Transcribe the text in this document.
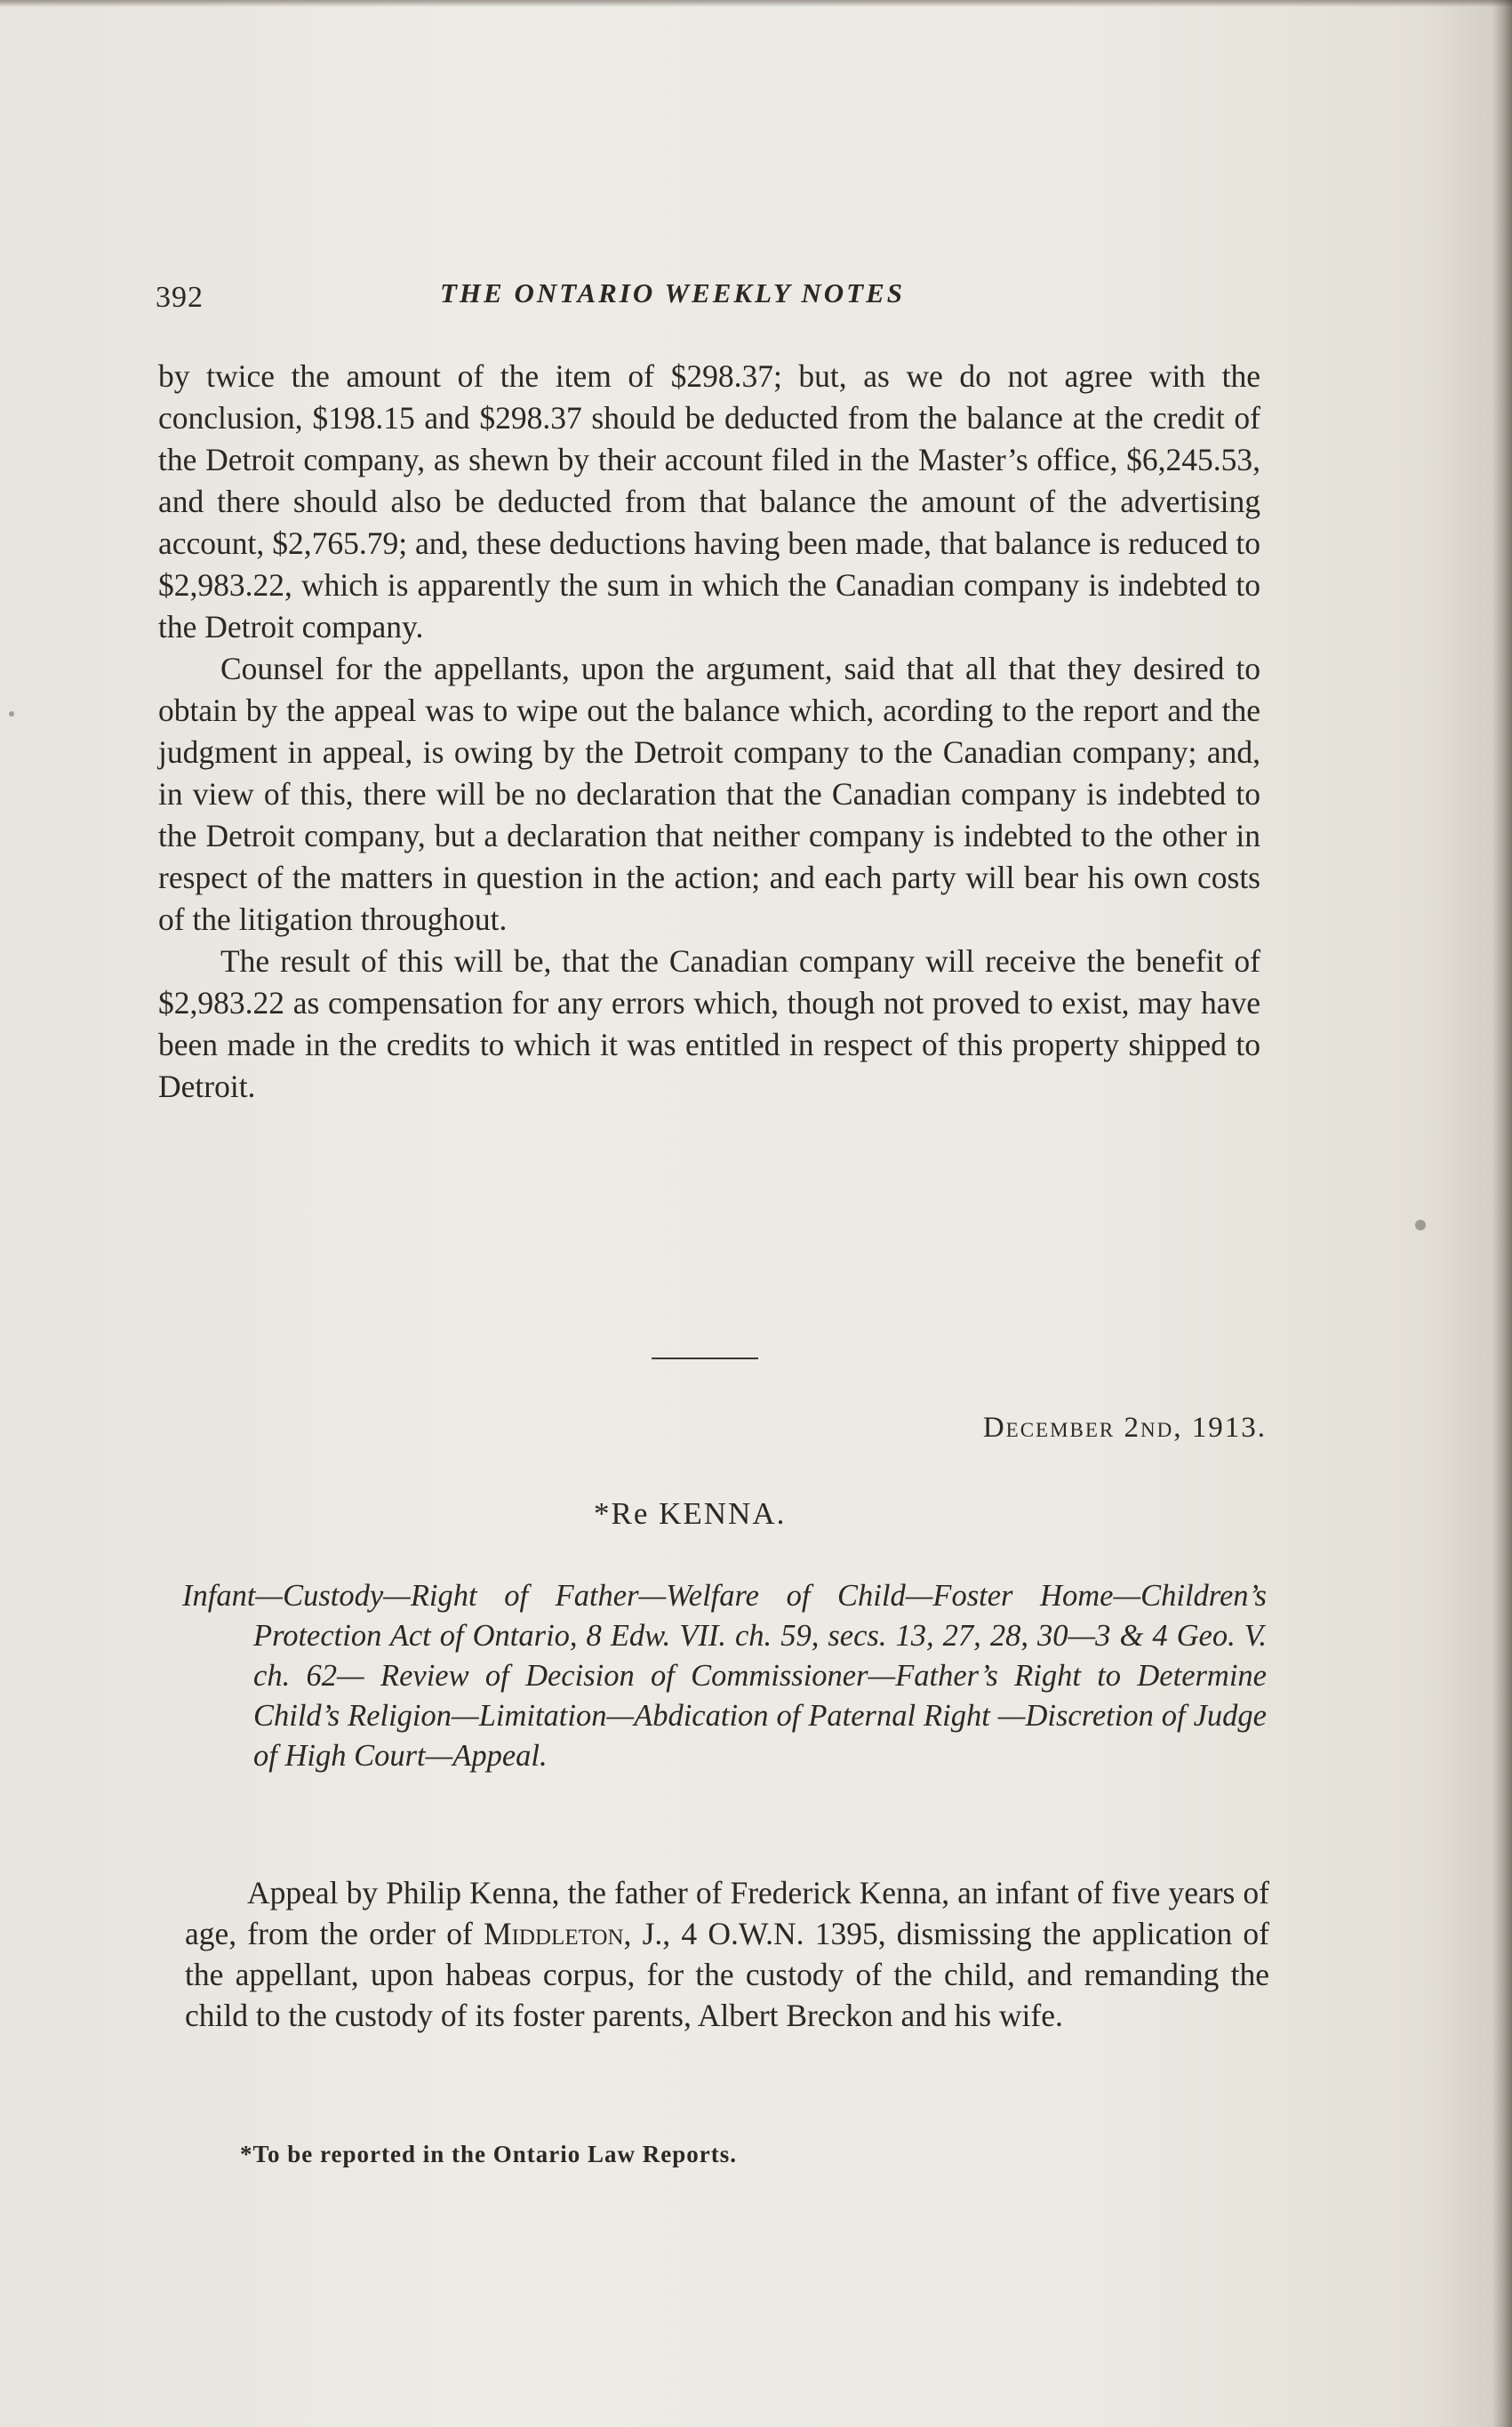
392	THE ONTARIO WEEKLY NOTES

by twice the amount of the item of $298.37; but, as we do not agree with the conclusion, $198.15 and $298.37 should be deducted from the balance at the credit of the Detroit company, as shewn by their account filed in the Master’s office, $6,245.53, and there should also be deducted from that balance the amount of the advertising account, $2,765.79; and, these deductions having been made, that balance is reduced to $2,983.22, which is apparently the sum in which the Canadian company is indebted to the Detroit company.

Counsel for the appellants, upon the argument, said that all that they desired to obtain by the appeal was to wipe out the balance which, acording to the report and the judgment in appeal, is owing by the Detroit company to the Canadian company; and, in view of this, there will be no declaration that the Canadian company is indebted to the Detroit company, but a declaration that neither company is indebted to the other in respect of the matters in question in the action; and each party will bear his own costs of the litigation throughout.

The result of this will be, that the Canadian company will receive the benefit of $2,983.22 as compensation for any errors which, though not proved to exist, may have been made in the credits to which it was entitled in respect of this property shipped to Detroit.

December 2nd, 1913.
*Re KENNA.
Infant—Custody—Right of Father—Welfare of Child—Foster Home—Children’s Protection Act of Ontario, 8 Edw. VII. ch. 59, secs. 13, 27, 28, 30—3 & 4 Geo. V. ch. 62— Review of Decision of Commissioner—Father’s Right to Determine Child’s Religion—Limitation—Abdication of Paternal Right —Discretion of Judge of High Court—Appeal.
Appeal by Philip Kenna, the father of Frederick Kenna, an infant of five years of age, from the order of Middleton, J., 4 O.W.N. 1395, dismissing the application of the appellant, upon habeas corpus, for the custody of the child, and remanding the child to the custody of its foster parents, Albert Breckon and his wife.
*To be reported in the Ontario Law Reports.
